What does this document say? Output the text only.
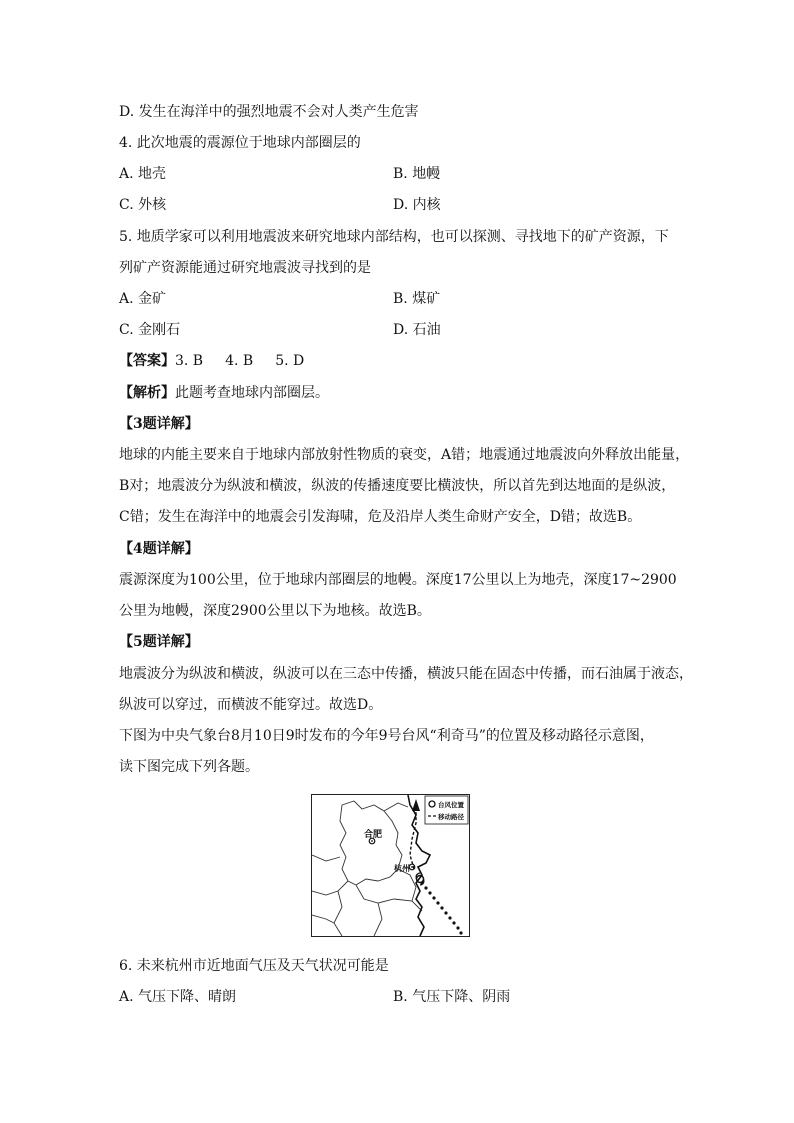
D. 发生在海洋中的强烈地震不会对人类产生危害
4. 此次地震的震源位于地球内部圈层的
A. 地壳	B. 地幔
C. 外核	D. 内核
5. 地质学家可以利用地震波来研究地球内部结构，也可以探测、寻找地下的矿产资源，下
列矿产资源能通过研究地震波寻找到的是
A. 金矿	B. 煤矿
C. 金刚石	D. 石油
【答案】3. B 4. B 5. D
【解析】此题考查地球内部圈层。
【3题详解】
地球的内能主要来自于地球内部放射性物质的衰变，A错；地震通过地震波向外释放出能量，
B对；地震波分为纵波和横波，纵波的传播速度要比横波快，所以首先到达地面的是纵波，
C错；发生在海洋中的地震会引发海啸，危及沿岸人类生命财产安全，D错；故选B。
【4题详解】
震源深度为100公里，位于地球内部圈层的地幔。深度17公里以上为地壳，深度17~2900
公里为地幔，深度2900公里以下为地核。故选B。
【5题详解】
地震波分为纵波和横波，纵波可以在三态中传播，横波只能在固态中传播，而石油属于液态，
纵波可以穿过，而横波不能穿过。故选D。
下图为中央气象台8月10日9时发布的今年9号台风“利奇马”的位置及移动路径示意图，
读下图完成下列各题。
合肥
杭州
台风位置
移动路径
6. 未来杭州市近地面气压及天气状况可能是
A. 气压下降、晴朗	B. 气压下降、阴雨
